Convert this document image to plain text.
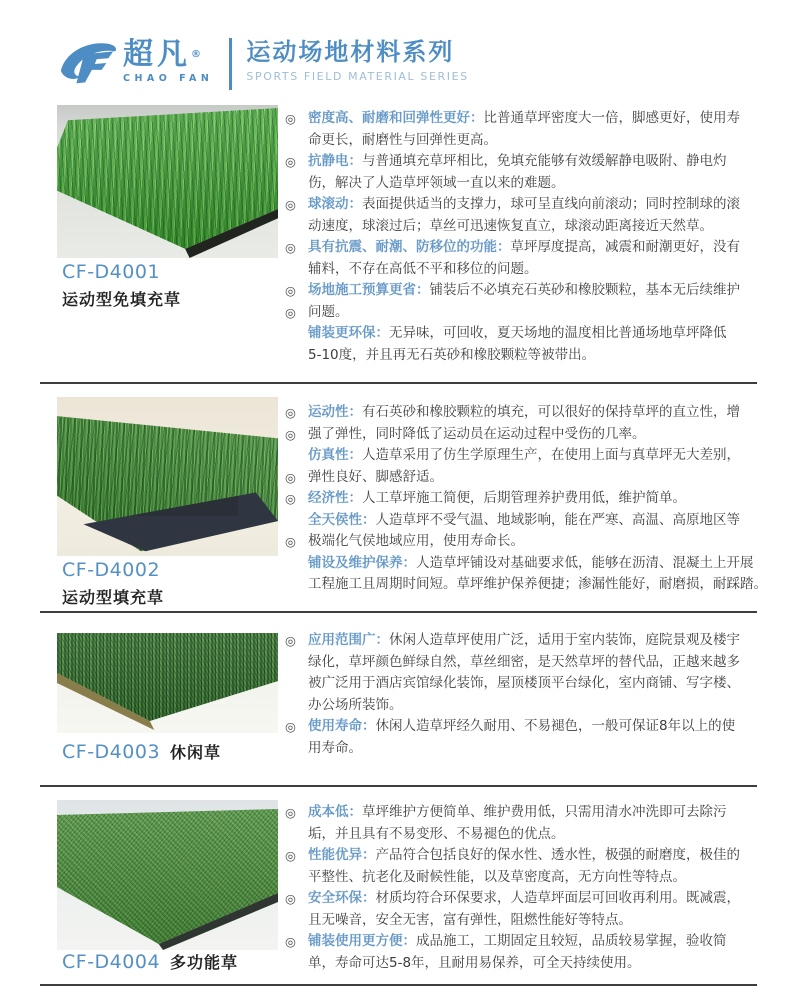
超凡®
CHAO FAN
运动场地材料系列
SPORTS FIELD MATERIAL SERIES
CF-D4001
运动型免填充草
◎ 密度高、耐磨和回弹性更好： 比普通草坪密度大一倍，脚感更好，使用寿
命更长，耐磨性与回弹性更高。
◎ 抗静电： 与普通填充草坪相比，免填充能够有效缓解静电吸附、静电灼
伤，解决了人造草坪领域一直以来的难题。
◎ 球滚动： 表面提供适当的支撑力，球可呈直线向前滚动；同时控制球的滚
动速度，球滚过后；草丝可迅速恢复直立，球滚动距离接近天然草。
◎ 具有抗震、耐潮、防移位的功能： 草坪厚度提高，减震和耐潮更好，没有
辅料，不存在高低不平和移位的问题。
◎ 场地施工预算更省： 铺装后不必填充石英砂和橡胶颗粒，基本无后续维护
◎ 问题。
铺装更环保： 无异味，可回收，夏天场地的温度相比普通场地草坪降低
5-10度，并且再无石英砂和橡胶颗粒等被带出。
CF-D4002
运动型填充草
◎ 运动性： 有石英砂和橡胶颗粒的填充，可以很好的保持草坪的直立性，增
◎ 强了弹性，同时降低了运动员在运动过程中受伤的几率。
仿真性： 人造草采用了仿生学原理生产，在使用上面与真草坪无大差别，
◎ 弹性良好、脚感舒适。
◎ 经济性： 人工草坪施工简便，后期管理养护费用低，维护简单。
全天侯性： 人造草坪不受气温、地域影响，能在严寒、高温、高原地区等
◎ 极端化气侯地域应用，使用寿命长。
铺设及维护保养： 人造草坪铺设对基础要求低，能够在沥清、混凝土上开展
工程施工且周期时间短。草坪维护保养便捷；渗漏性能好，耐磨损，耐踩踏。
CF-D4003 休闲草
◎ 应用范围广： 休闲人造草坪使用广泛，适用于室内装饰，庭院景观及楼宇
绿化，草坪颜色鲜绿自然，草丝细密，是天然草坪的替代品，正越来越多
被广泛用于酒店宾馆绿化装饰，屋顶楼顶平台绿化，室内商铺、写字楼、
办公场所装饰。
◎ 使用寿命： 休闲人造草坪经久耐用、不易褪色，一般可保证8年以上的使
用寿命。
CF-D4004 多功能草
◎ 成本低： 草坪维护方便简单、维护费用低，只需用清水冲洗即可去除污
垢，并且具有不易变形、不易褪色的优点。
◎ 性能优异： 产品符合包括良好的保水性、透水性，极强的耐磨度，极佳的
平整性、抗老化及耐候性能，以及草密度高，无方向性等特点。
◎ 安全环保： 材质均符合环保要求，人造草坪面层可回收再利用。既减震，
且无噪音，安全无害，富有弹性，阻燃性能好等特点。
◎ 铺装使用更方便： 成品施工，工期固定且较短，品质较易掌握，验收简
单，寿命可达5-8年，且耐用易保养，可全天持续使用。
